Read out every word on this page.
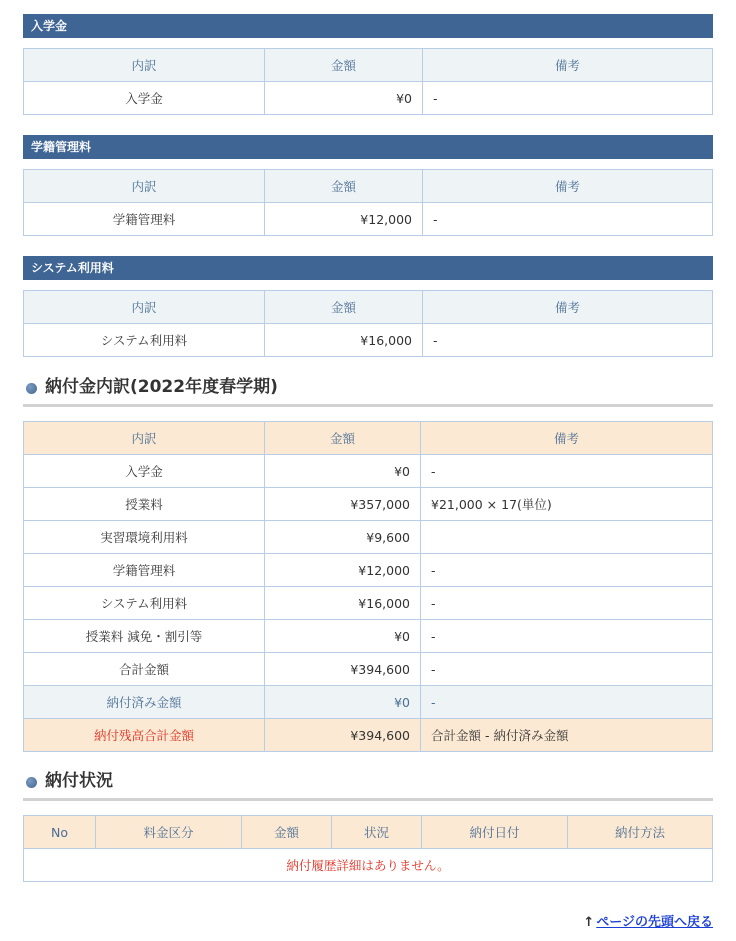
入学金
内訳	金額	備考
入学金	¥0	-
学籍管理料
内訳	金額	備考
学籍管理料	¥12,000	-
システム利用料
内訳	金額	備考
システム利用料	¥16,000	-
納付金内訳(2022年度春学期)
内訳	金額	備考
入学金	¥0	-
授業料	¥357,000	¥21,000 × 17(単位)
実習環境利用料	¥9,600	
学籍管理料	¥12,000	-
システム利用料	¥16,000	-
授業料 減免・割引等	¥0	-
合計金額	¥394,600	-
納付済み金額	¥0	-
納付残高合計金額	¥394,600	合計金額 - 納付済み金額
納付状況
No	料金区分	金額	状況	納付日付	納付方法
納付履歴詳細はありません。
↑ ページの先頭へ戻る
